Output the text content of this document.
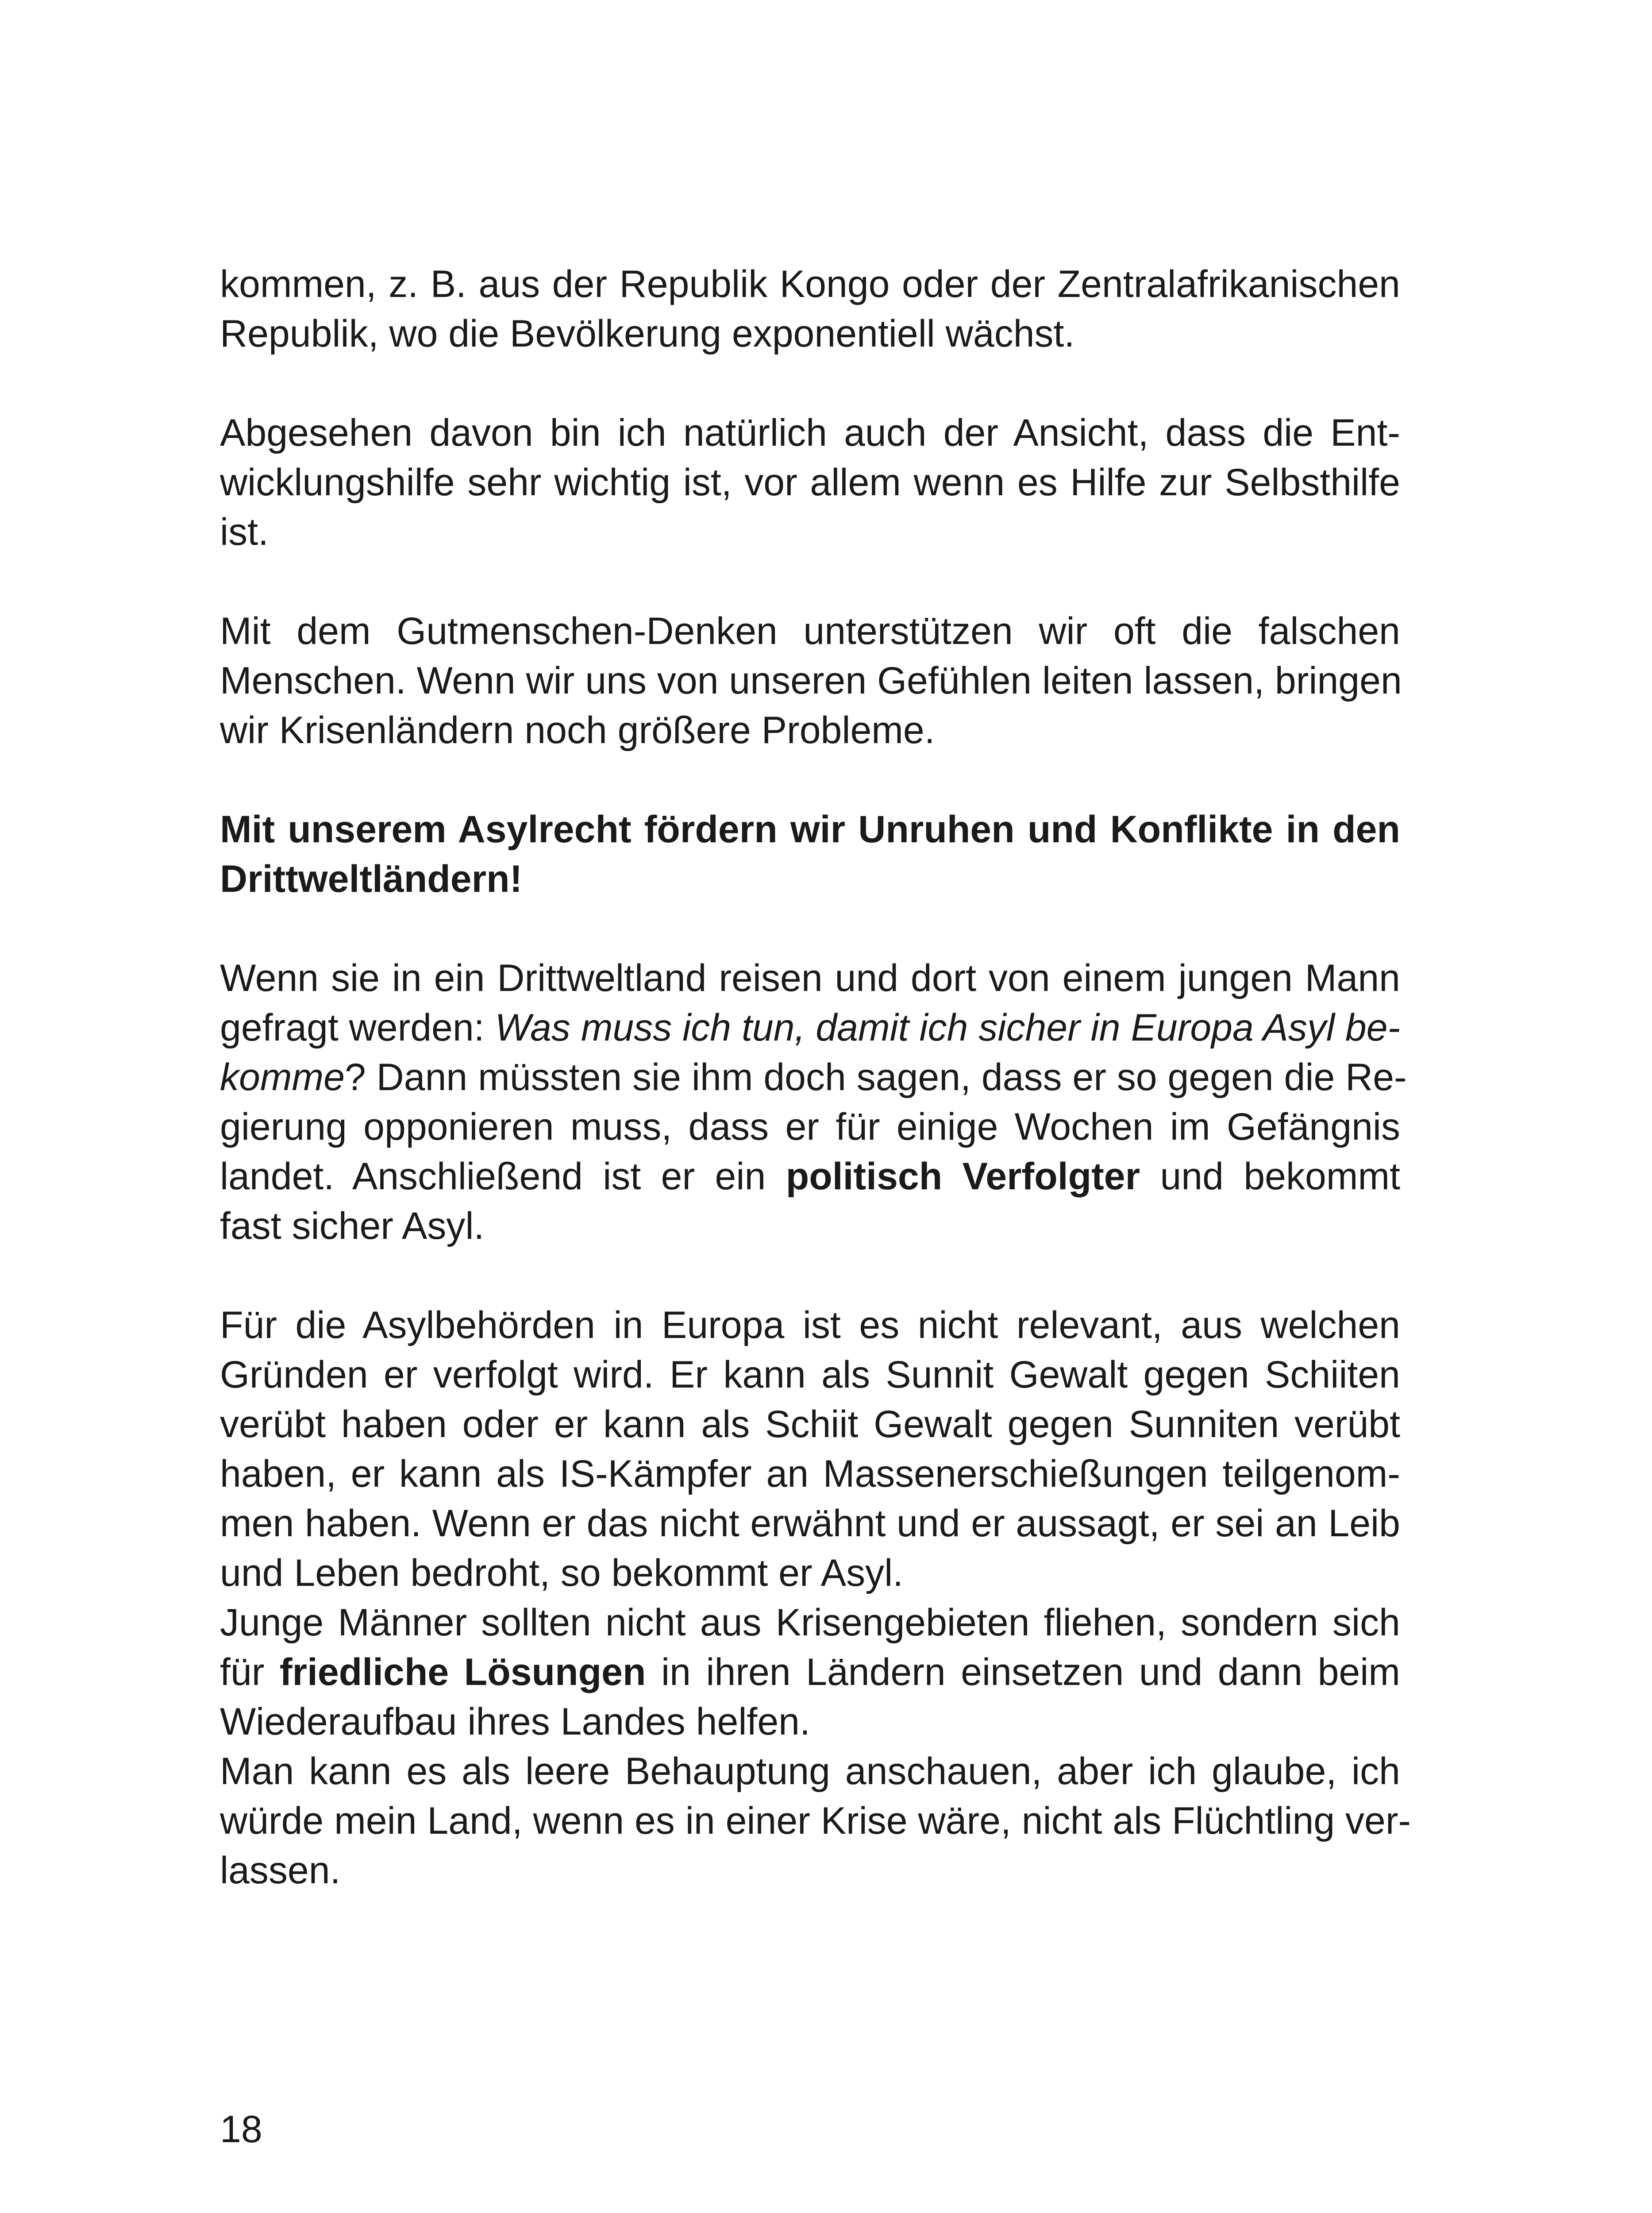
kommen, z. B. aus der Republik Kongo oder der Zentralafrikanischen
Republik, wo die Bevölkerung exponentiell wächst.
Abgesehen davon bin ich natürlich auch der Ansicht, dass die Ent-
wicklungshilfe sehr wichtig ist, vor allem wenn es Hilfe zur Selbsthilfe
ist.
Mit dem Gutmenschen-Denken unterstützen wir oft die falschen
Menschen. Wenn wir uns von unseren Gefühlen leiten lassen, bringen
wir Krisenländern noch größere Probleme.
Mit unserem Asylrecht fördern wir Unruhen und Konflikte in den
Drittweltländern!
Wenn sie in ein Drittweltland reisen und dort von einem jungen Mann
gefragt werden: Was muss ich tun, damit ich sicher in Europa Asyl be-
komme? Dann müssten sie ihm doch sagen, dass er so gegen die Re-
gierung opponieren muss, dass er für einige Wochen im Gefängnis
landet. Anschließend ist er ein politisch Verfolgter und bekommt
fast sicher Asyl.
Für die Asylbehörden in Europa ist es nicht relevant, aus welchen
Gründen er verfolgt wird. Er kann als Sunnit Gewalt gegen Schiiten
verübt haben oder er kann als Schiit Gewalt gegen Sunniten verübt
haben, er kann als IS-Kämpfer an Massenerschießungen teilgenom-
men haben. Wenn er das nicht erwähnt und er aussagt, er sei an Leib
und Leben bedroht, so bekommt er Asyl.
Junge Männer sollten nicht aus Krisengebieten fliehen, sondern sich
für friedliche Lösungen in ihren Ländern einsetzen und dann beim
Wiederaufbau ihres Landes helfen.
Man kann es als leere Behauptung anschauen, aber ich glaube, ich
würde mein Land, wenn es in einer Krise wäre, nicht als Flüchtling ver-
lassen.
18
